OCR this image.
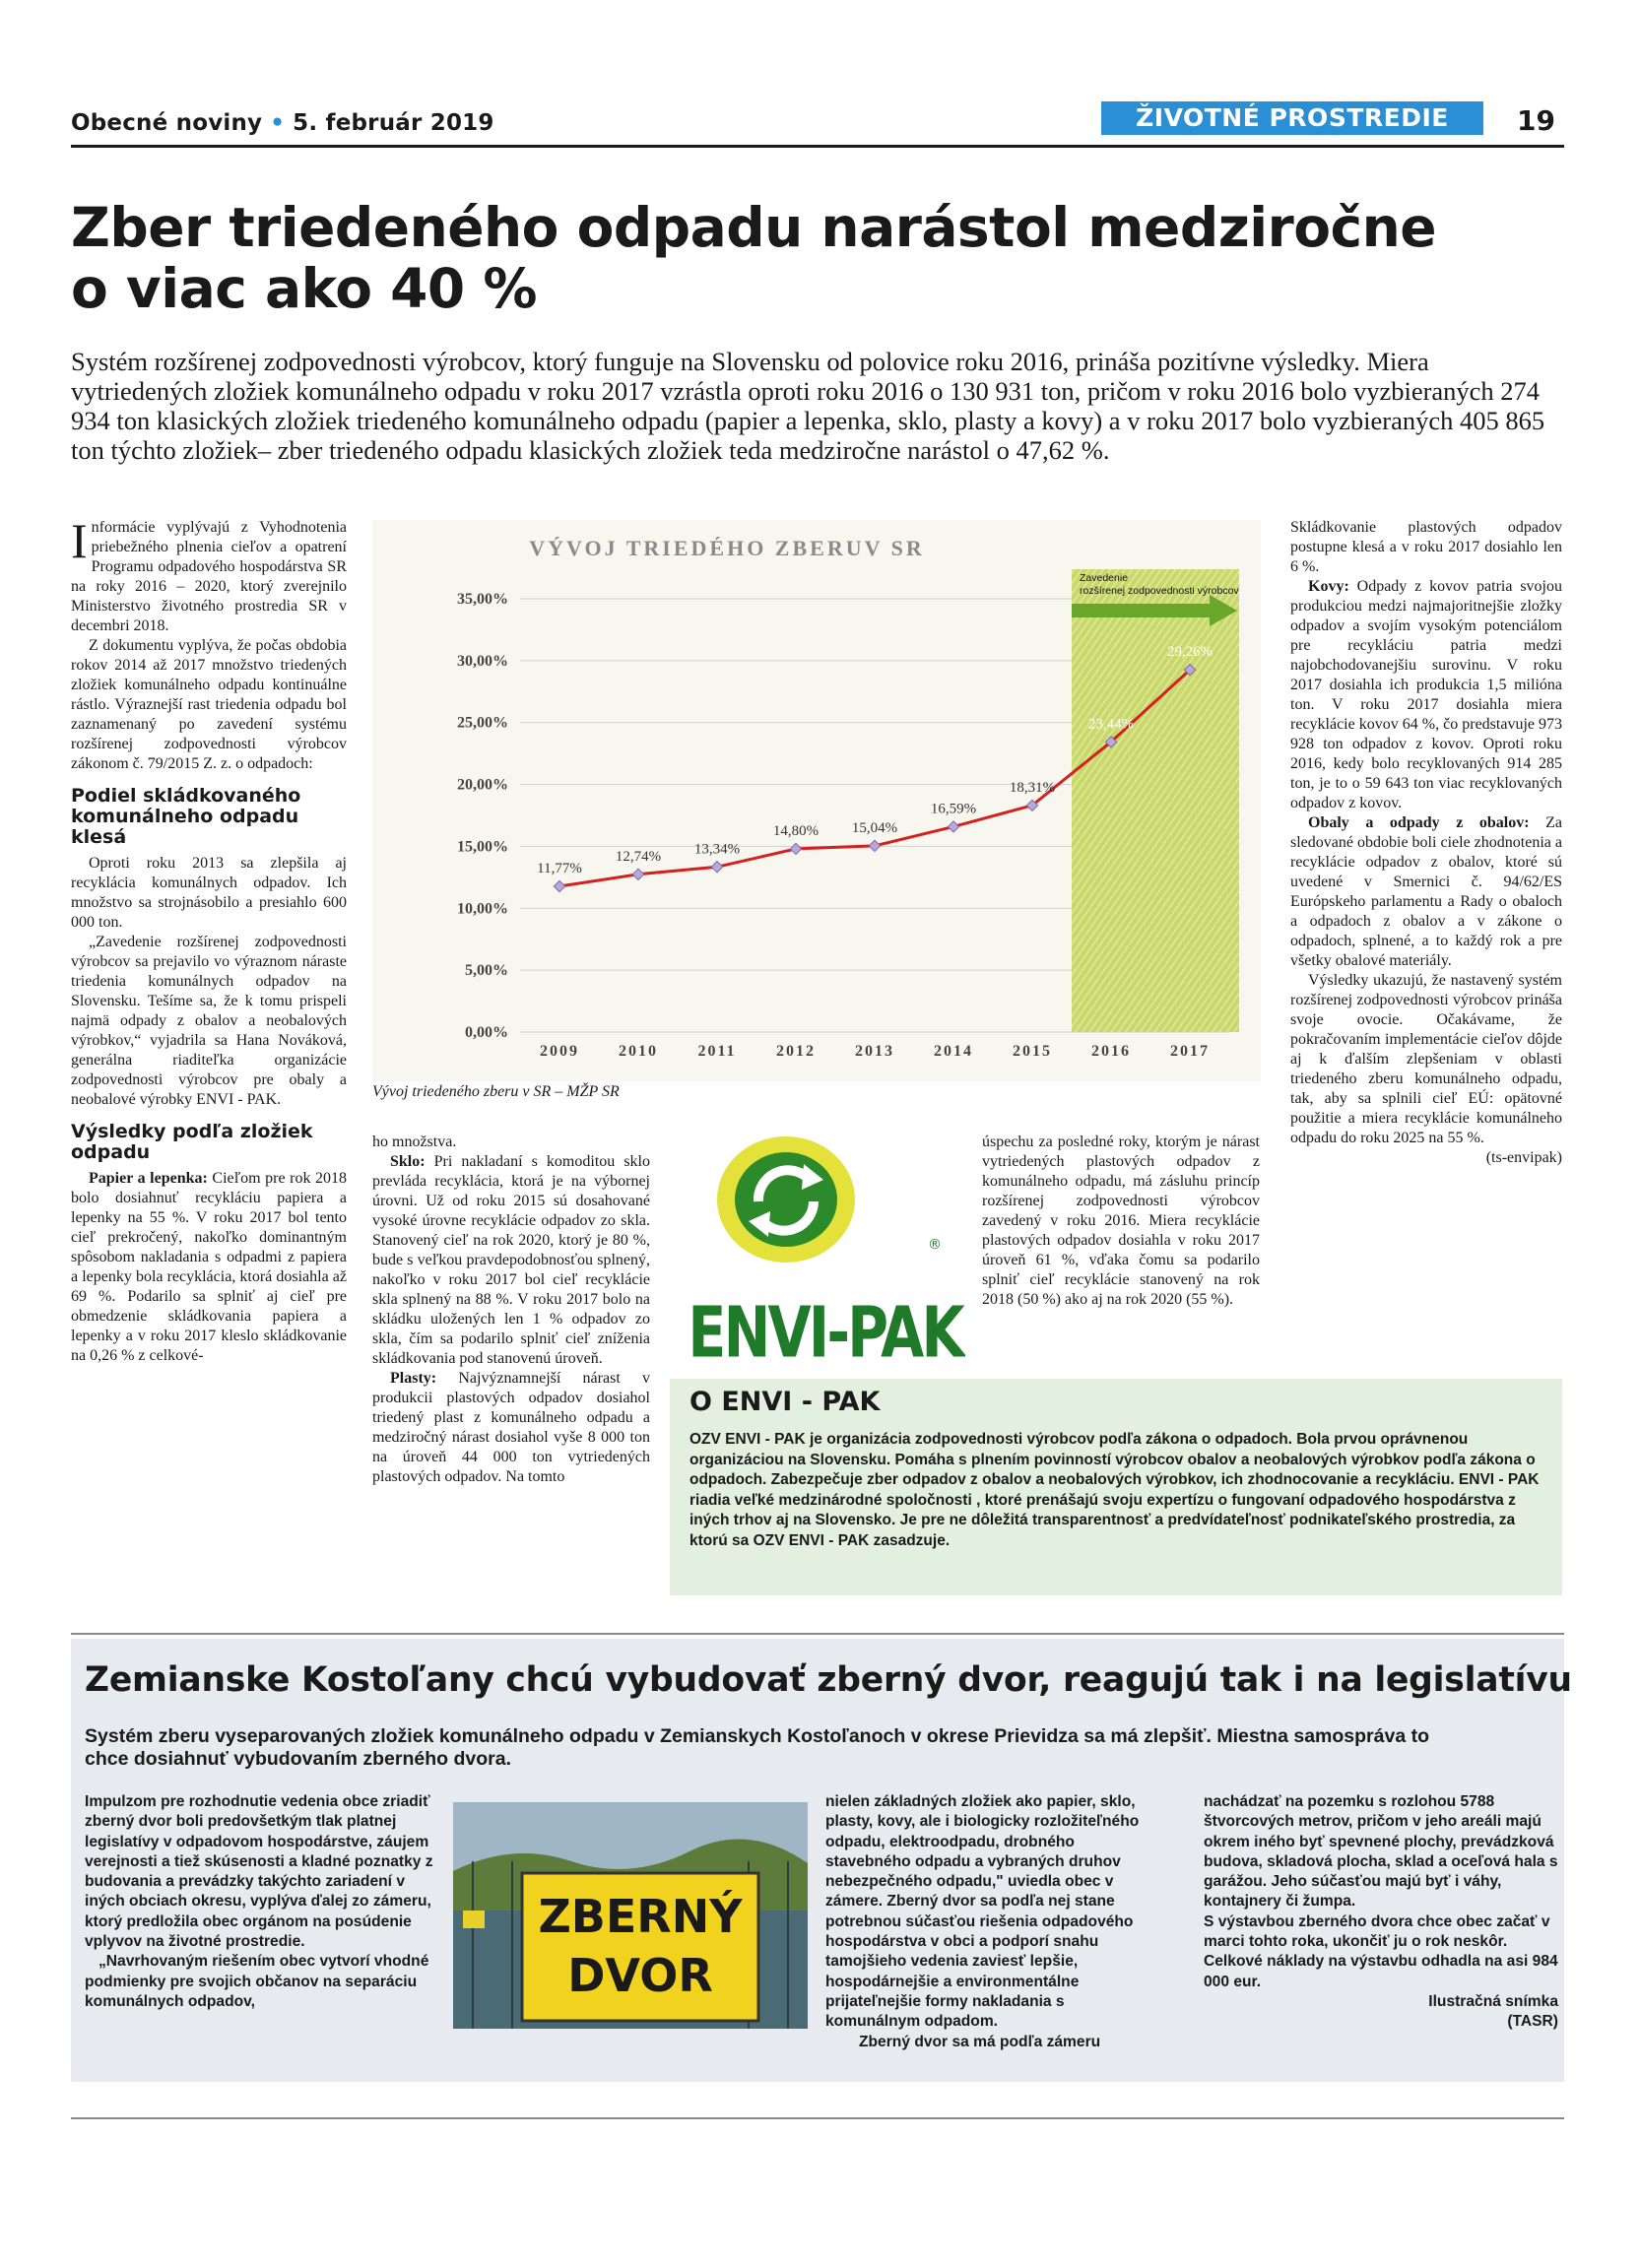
Obecné noviny • 5. február 2019	ŽIVOTNÉ PROSTREDIE	19
Zber triedeného odpadu narástol medziročne
o viac ako 40 %
Systém rozšírenej zodpovednosti výrobcov, ktorý funguje na Slovensku od polovice roku 2016, prináša pozitívne výsledky. Miera vytriedených zložiek komunálneho odpadu v roku 2017 vzrástla oproti roku 2016 o 130 931 ton, pričom v roku 2016 bolo vyzbieraných 274 934 ton klasických zložiek triedeného komunálneho odpadu (papier a lepenka, sklo, plasty a kovy) a v roku 2017 bolo vyzbieraných 405 865 ton týchto zložiek– zber triedeného odpadu klasických zložiek teda medziročne narástol o 47,62 %.

Informácie vyplývajú z Vyhodnotenia priebežného plnenia cieľov a opatrení Programu odpadového hospodárstva SR na roky 2016 – 2020, ktorý zverejnilo Ministerstvo životného prostredia SR v decembri 2018.

Z dokumentu vyplýva, že počas obdobia rokov 2014 až 2017 množstvo triedených zložiek komunálneho odpadu kontinuálne rástlo. Výraznejší rast triedenia odpadu bol zaznamenaný po zavedení systému rozšírenej zodpovednosti výrobcov zákonom č. 79/2015 Z. z. o odpadoch:

Podiel skládkovaného komunálneho odpadu klesá

Oproti roku 2013 sa zlepšila aj recyklácia komunálnych odpadov. Ich množstvo sa strojnásobilo a presiahlo 600 000 ton.

„Zavedenie rozšírenej zodpovednosti výrobcov sa prejavilo vo výraznom náraste triedenia komunálnych odpadov na Slovensku. Tešíme sa, že k tomu prispeli najmä odpady z obalov a neobalových výrobkov,“ vyjadrila sa Hana Nováková, generálna riaditeľka organizácie zodpovednosti výrobcov pre obaly a neobalové výrobky ENVI - PAK.

Výsledky podľa zložiek odpadu

Papier a lepenka: Cieľom pre rok 2018 bolo dosiahnuť recykláciu papiera a lepenky na 55 %. V roku 2017 bol tento cieľ prekročený, nakoľko dominantným spôsobom nakladania s odpadmi z papiera a lepenky bola recyklácia, ktorá dosiahla až 69 %. Podarilo sa splniť aj cieľ pre obmedzenie skládkovania papiera a lepenky a v roku 2017 kleslo skládkovanie na 0,26 % z celkové-

VÝVOJ TRIEDÉHO ZBERUV SR
Zavedenie rozšírenej zodpovednosti výrobcov
0,00%
5,00%
10,00%
15,00%
20,00%
25,00%
30,00%
35,00%
2009	2010	2011	2012	2013	2014	2015	2016	2017
11,77%
12,74% 13,34%
14,80% 15,04%
16,59%
18,31%
23,44%
29,26%
Vývoj triedeného zberu v SR – MŽP SR

ho množstva.

Sklo: Pri nakladaní s komoditou sklo prevláda recyklácia, ktorá je na výbornej úrovni. Už od roku 2015 sú dosahované vysoké úrovne recyklácie odpadov zo skla. Stanovený cieľ na rok 2020, ktorý je 80 %, bude s veľkou pravdepodobnosťou splnený, nakoľko v roku 2017 bol cieľ recyklácie skla splnený na 88 %. V roku 2017 bolo na skládku uložených len 1 % odpadov zo skla, čím sa podarilo splniť cieľ zníženia skládkovania pod stanovenú úroveň.

Plasty: Najvýznamnejší nárast v produkcii plastových odpadov dosiahol triedený plast z komunálneho odpadu a medziročný nárast dosiahol vyše 8 000 ton na úroveň 44 000 ton vytriedených plastových odpadov. Na tomto

ENVI-PAK
®

úspechu za posledné roky, ktorým je nárast vytriedených plastových odpadov z komunálneho odpadu, má zásluhu princíp rozšírenej zodpovednosti výrobcov zavedený v roku 2016. Miera recyklácie plastových odpadov dosiahla v roku 2017 úroveň 61 %, vďaka čomu sa podarilo splniť cieľ recyklácie stanovený na rok 2018 (50 %) ako aj na rok 2020 (55 %).

Skládkovanie plastových odpadov postupne klesá a v roku 2017 dosiahlo len 6 %.

Kovy: Odpady z kovov patria svojou produkciou medzi najmajoritnejšie zložky odpadov a svojím vysokým potenciálom pre recykláciu patria medzi najobchodovanejšiu surovinu. V roku 2017 dosiahla ich produkcia 1,5 milióna ton. V roku 2017 dosiahla miera recyklácie kovov 64 %, čo predstavuje 973 928 ton odpadov z kovov. Oproti roku 2016, kedy bolo recyklovaných 914 285 ton, je to o 59 643 ton viac recyklovaných odpadov z kovov.

Obaly a odpady z obalov: Za sledované obdobie boli ciele zhodnotenia a recyklácie odpadov z obalov, ktoré sú uvedené v Smernici č. 94/62/ES Európskeho parlamentu a Rady o obaloch a odpadoch z obalov a v zákone o odpadoch, splnené, a to každý rok a pre všetky obalové materiály.

Výsledky ukazujú, že nastavený systém rozšírenej zodpovednosti výrobcov prináša svoje ovocie. Očakávame, že pokračovaním implementácie cieľov dôjde aj k ďalším zlepšeniam v oblasti triedeného zberu komunálneho odpadu, tak, aby sa splnili cieľ EÚ: opätovné použitie a miera recyklácie komunálneho odpadu do roku 2025 na 55 %.

(ts-envipak)

O ENVI - PAK
OZV ENVI - PAK je organizácia zodpovednosti výrobcov podľa zákona o odpadoch. Bola prvou oprávnenou organizáciou na Slovensku. Pomáha s plnením povinností výrobcov obalov a neobalových výrobkov podľa zákona o odpadoch. Zabezpečuje zber odpadov z obalov a neobalových výrobkov, ich zhodnocovanie a recykláciu. ENVI - PAK riadia veľké medzinárodné spoločnosti , ktoré prenášajú svoju expertízu o fungovaní odpadového hospodárstva z iných trhov aj na Slovensko. Je pre ne dôležitá transparentnosť a predvídateľnosť podnikateľského prostredia, za ktorú sa OZV ENVI - PAK zasadzuje.
Zemianske Kostoľany chcú vybudovať zberný dvor, reagujú tak i na legislatívu
Systém zberu vyseparovaných zložiek komunálneho odpadu v Zemianskych Kostoľanoch v okrese Prievidza sa má zlepšiť. Miestna samospráva to chce dosiahnuť vybudovaním zberného dvora.

Impulzom pre rozhodnutie vedenia obce zriadiť zberný dvor boli predovšetkým tlak platnej legislatívy v odpadovom hospodárstve, záujem verejnosti a tiež skúsenosti a kladné poznatky z budovania a prevádzky takýchto zariadení v iných obciach okresu, vyplýva ďalej zo zámeru, ktorý predložila obec orgánom na posúdenie vplyvov na životné prostredie.

„Navrhovaným riešením obec vytvorí vhodné podmienky pre svojich občanov na separáciu komunálnych odpadov,

ZBERNÝ
DVOR

nielen základných zložiek ako papier, sklo, plasty, kovy, ale i biologicky rozložiteľného odpadu, elektroodpadu, drobného stavebného odpadu a vybraných druhov nebezpečného odpadu," uviedla obec v zámere. Zberný dvor sa podľa nej stane potrebnou súčasťou riešenia odpadového hospodárstva v obci a podporí snahu tamojšieho vedenia zaviesť lepšie, hospodárnejšie a environmentálne prijateľnejšie formy nakladania s komunálnym odpadom.

Zberný dvor sa má podľa zámeru

nachádzať na pozemku s rozlohou 5788 štvorcových metrov, pričom v jeho areáli majú okrem iného byť spevnené plochy, prevádzková budova, skladová plocha, sklad a oceľová hala s garážou. Jeho súčasťou majú byť i váhy, kontajnery či žumpa.

S výstavbou zberného dvora chce obec začať v marci tohto roka, ukončiť ju o rok neskôr. Celkové náklady na výstavbu odhadla na asi 984 000 eur.

Ilustračná snímka

(TASR)
